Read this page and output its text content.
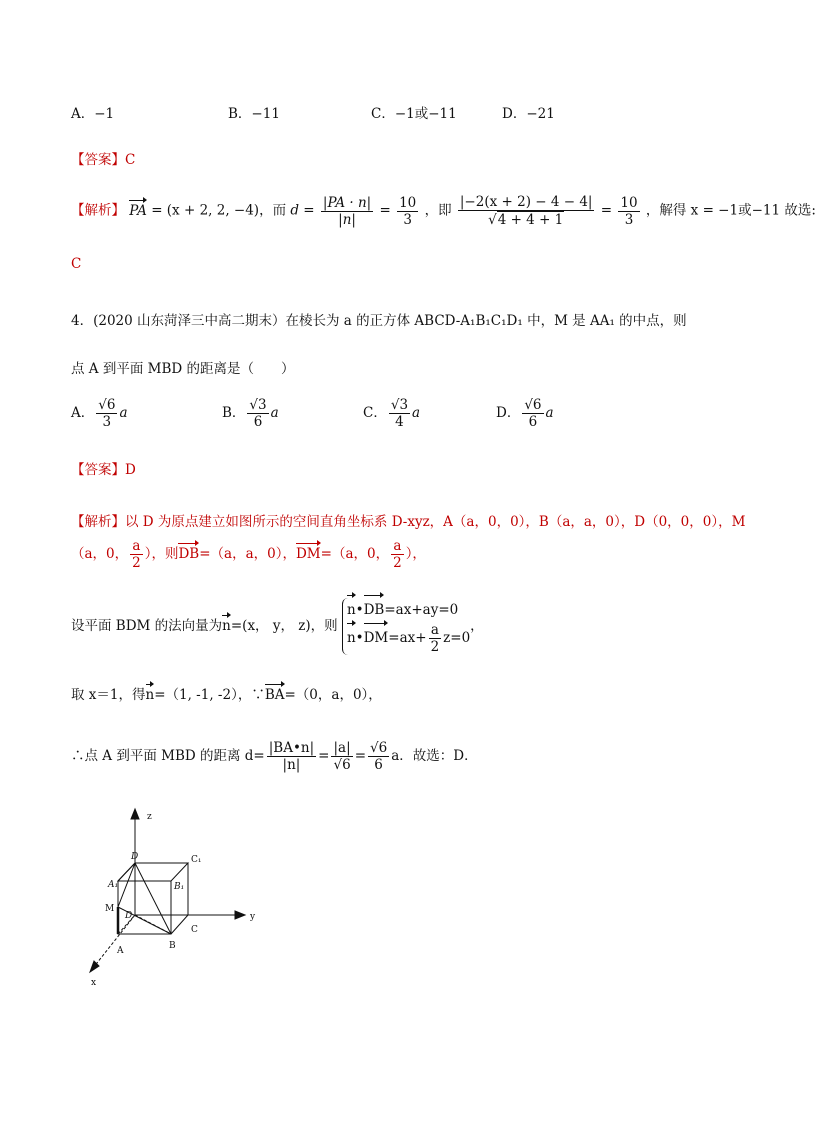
A．−1	B．−11	C．−1或−11	D．−21
【答案】C
【解析】 PA = (x + 2, 2, −4)，而 $d = \frac{|PA \cdot n|}{|n|} = \frac{10}{3}$ ，即 $\frac{|-2(x + 2) - 4 - 4|}{√4 + 4 + 1} = \frac{10}{3}$ ，解得 x = −1或−11 故选:
C
4．(2020 山东菏泽三中高二期末）在棱长为 a 的正方体 ABCD-A₁B₁C₁D₁ 中，M 是 AA₁ 的中点，则
点 A 到平面 MBD 的距离是（　　）
A． $\frac{√6}{3}$ a	B． $\frac{√3}{6}$ a	C． $\frac{√3}{4}$ a	D． $\frac{√6}{6}$ a
【答案】D
【解析】以 D 为原点建立如图所示的空间直角坐标系 D-xyz，A（a，0，0），B（a，a，0），D（0，0，0），M
（a，0， $\frac{a}{2}$ ），则DB=（a，a，0），DM=（a，0， $\frac{a}{2}$ ），
设平面 BDM 的法向量为n=(x， y， z)，则
n•DB=ax+ay=0
n•DM=ax+ $\frac{a}{2} z=0$
，
取 x＝1，得n=（1, -1, -2），∵BA=（0，a，0），
∴点 A 到平面 MBD 的距离 $d= \frac{|BA•n|}{|n|} = \frac{|a|}{√6} = \frac{√6}{6}$ a．故选：D．
z
y
x
D	C₁
A₁	B₁
M
D
A	B
C
